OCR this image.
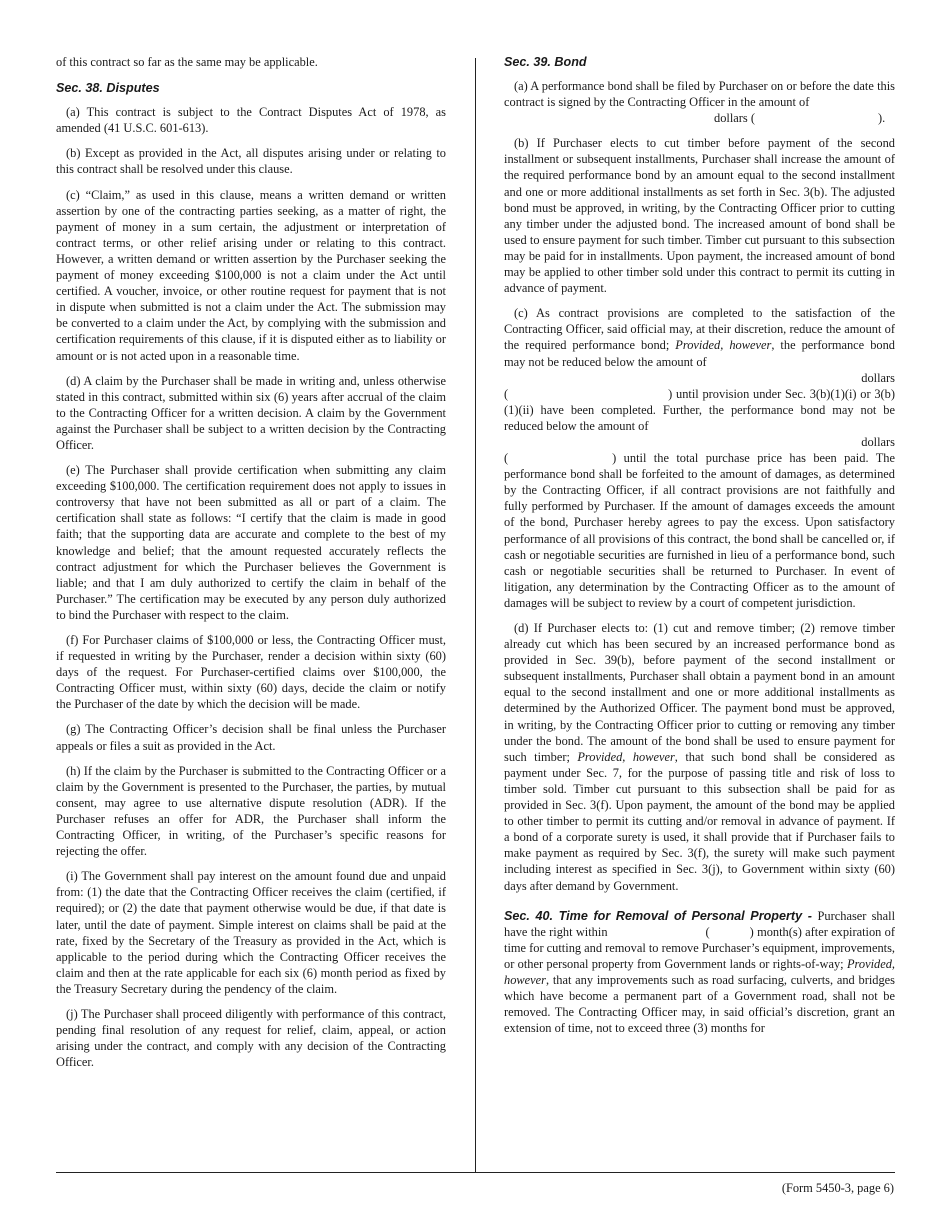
of this contract so far as the same may be applicable.

Sec. 38. Disputes

(a) This contract is subject to the Contract Disputes Act of 1978, as amended (41 U.S.C. 601-613).

(b) Except as provided in the Act, all disputes arising under or relating to this contract shall be resolved under this clause.

(c) “Claim,” as used in this clause, means a written demand or written assertion by one of the contracting parties seeking, as a matter of right, the payment of money in a sum certain, the adjustment or interpretation of contract terms, or other relief arising under or relating to this contract. However, a written demand or written assertion by the Purchaser seeking the payment of money exceeding $100,000 is not a claim under the Act until certified. A voucher, invoice, or other routine request for payment that is not in dispute when submitted is not a claim under the Act. The submission may be converted to a claim under the Act, by complying with the submission and certification requirements of this clause, if it is disputed either as to liability or amount or is not acted upon in a reasonable time.

(d) A claim by the Purchaser shall be made in writing and, unless otherwise stated in this contract, submitted within six (6) years after accrual of the claim to the Contracting Officer for a written decision. A claim by the Government against the Purchaser shall be subject to a written decision by the Contracting Officer.

(e) The Purchaser shall provide certification when submitting any claim exceeding $100,000. The certification requirement does not apply to issues in controversy that have not been submitted as all or part of a claim. The certification shall state as follows: “I certify that the claim is made in good faith; that the supporting data are accurate and complete to the best of my knowledge and belief; that the amount requested accurately reflects the contract adjustment for which the Purchaser believes the Government is liable; and that I am duly authorized to certify the claim in behalf of the Purchaser.” The certification may be executed by any person duly authorized to bind the Purchaser with respect to the claim.

(f) For Purchaser claims of $100,000 or less, the Contracting Officer must, if requested in writing by the Purchaser, render a decision within sixty (60) days of the request. For Purchaser-certified claims over $100,000, the Contracting Officer must, within sixty (60) days, decide the claim or notify the Purchaser of the date by which the decision will be made.

(g) The Contracting Officer’s decision shall be final unless the Purchaser appeals or files a suit as provided in the Act.

(h) If the claim by the Purchaser is submitted to the Contracting Officer or a claim by the Government is presented to the Purchaser, the parties, by mutual consent, may agree to use alternative dispute resolution (ADR). If the Purchaser refuses an offer for ADR, the Purchaser shall inform the Contracting Officer, in writing, of the Purchaser’s specific reasons for rejecting the offer.

(i) The Government shall pay interest on the amount found due and unpaid from: (1) the date that the Contracting Officer receives the claim (certified, if required); or (2) the date that payment otherwise would be due, if that date is later, until the date of payment. Simple interest on claims shall be paid at the rate, fixed by the Secretary of the Treasury as provided in the Act, which is applicable to the period during which the Contracting Officer receives the claim and then at the rate applicable for each six (6) month period as fixed by the Treasury Secretary during the pendency of the claim.

(j) The Purchaser shall proceed diligently with performance of this contract, pending final resolution of any request for relief, claim, appeal, or action arising under the contract, and comply with any decision of the Contracting Officer.

Sec. 39. Bond

(a) A performance bond shall be filed by Purchaser on or before the date this contract is signed by the Contracting Officer in the amount of

dollars (	).

(b) If Purchaser elects to cut timber before payment of the second installment or subsequent installments, Purchaser shall increase the amount of the required performance bond by an amount equal to the second installment and one or more additional installments as set forth in Sec. 3(b). The adjusted bond must be approved, in writing, by the Contracting Officer prior to cutting any timber under the adjusted bond. The increased amount of bond shall be used to ensure payment for such timber. Timber cut pursuant to this subsection may be paid for in installments. Upon payment, the increased amount of bond may be applied to other timber sold under this contract to permit its cutting in advance of payment.

(c) As contract provisions are completed to the satisfaction of the Contracting Officer, said official may, at their discretion, reduce the amount of the required performance bond; Provided, however, the performance bond may not be reduced below the amount of

dollars

(	) until provision under Sec. 3(b)(1)(i) or 3(b)(1)(ii) have been completed. Further, the performance bond may not be reduced below the amount of

dollars

(	) until the total purchase price has been paid. The performance bond shall be forfeited to the amount of damages, as determined by the Contracting Officer, if all contract provisions are not faithfully and fully performed by Purchaser. If the amount of damages exceeds the amount of the bond, Purchaser hereby agrees to pay the excess. Upon satisfactory performance of all provisions of this contract, the bond shall be cancelled or, if cash or negotiable securities are furnished in lieu of a performance bond, such cash or negotiable securities shall be returned to Purchaser. In event of litigation, any determination by the Contracting Officer as to the amount of damages will be subject to review by a court of competent jurisdiction.

(d) If Purchaser elects to: (1) cut and remove timber; (2) remove timber already cut which has been secured by an increased performance bond as provided in Sec. 39(b), before payment of the second installment or subsequent installments, Purchaser shall obtain a payment bond in an amount equal to the second installment and one or more additional installments as determined by the Authorized Officer. The payment bond must be approved, in writing, by the Contracting Officer prior to cutting or removing any timber under the bond. The amount of the bond shall be used to ensure payment for such timber; Provided, however, that such bond shall be considered as payment under Sec. 7, for the purpose of passing title and risk of loss to timber sold. Timber cut pursuant to this subsection shall be paid for as provided in Sec. 3(f). Upon payment, the amount of the bond may be applied to other timber to permit its cutting and/or removal in advance of payment. If a bond of a corporate surety is used, it shall provide that if Purchaser fails to make payment as required by Sec. 3(f), the surety will make such payment including interest as specified in Sec. 3(j), to Government within sixty (60) days after demand by Government.

Sec. 40. Time for Removal of Personal Property - Purchaser shall have the right within	(	) month(s) after expiration of time for cutting and removal to remove Purchaser’s equipment, improvements, or other personal property from Government lands or rights-of-way; Provided, however, that any improvements such as road surfacing, culverts, and bridges which have become a permanent part of a Government road, shall not be removed. The Contracting Officer may, in said official’s discretion, grant an extension of time, not to exceed three (3) months for

(Form 5450-3, page 6)
